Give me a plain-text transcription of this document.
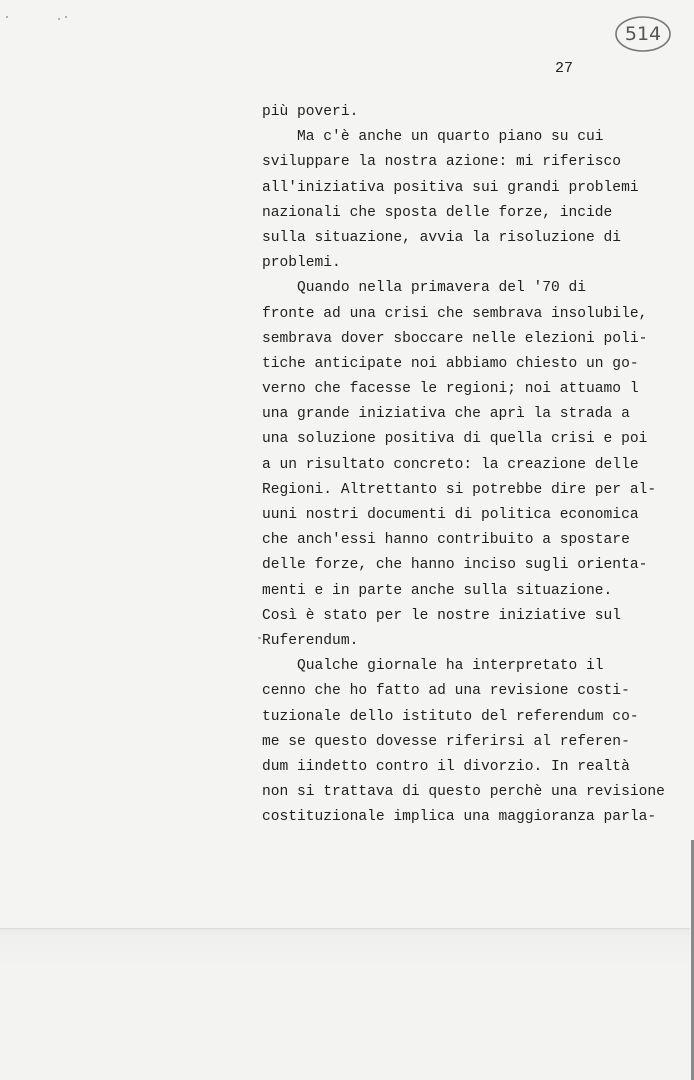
514
27
più poveri.
Ma c'è anche un quarto piano su cui
sviluppare la nostra azione: mi riferisco
all'iniziativa positiva sui grandi problemi
nazionali che sposta delle forze, incide
sulla situazione, avvia la risoluzione di
problemi.
Quando nella primavera del '70 di
fronte ad una crisi che sembrava insolubile,
sembrava dover sboccare nelle elezioni poli-
tiche anticipate noi abbiamo chiesto un go-
verno che facesse le regioni; noi attuamo l
una grande iniziativa che aprì la strada a
una soluzione positiva di quella crisi e poi
a un risultato concreto: la creazione delle
Regioni. Altrettanto si potrebbe dire per al-
uuni nostri documenti di politica economica
che anch'essi hanno contribuito a spostare
delle forze, che hanno inciso sugli orienta-
menti e in parte anche sulla situazione.
Così è stato per le nostre iniziative sul
Ruferendum.
Qualche giornale ha interpretato il
cenno che ho fatto ad una revisione costi-
tuzionale dello istituto del referendum co-
me se questo dovesse riferirsi al referen-
dum iindetto contro il divorzio. In realtà
non si trattava di questo perchè una revisione
costituzionale implica una maggioranza parla-
